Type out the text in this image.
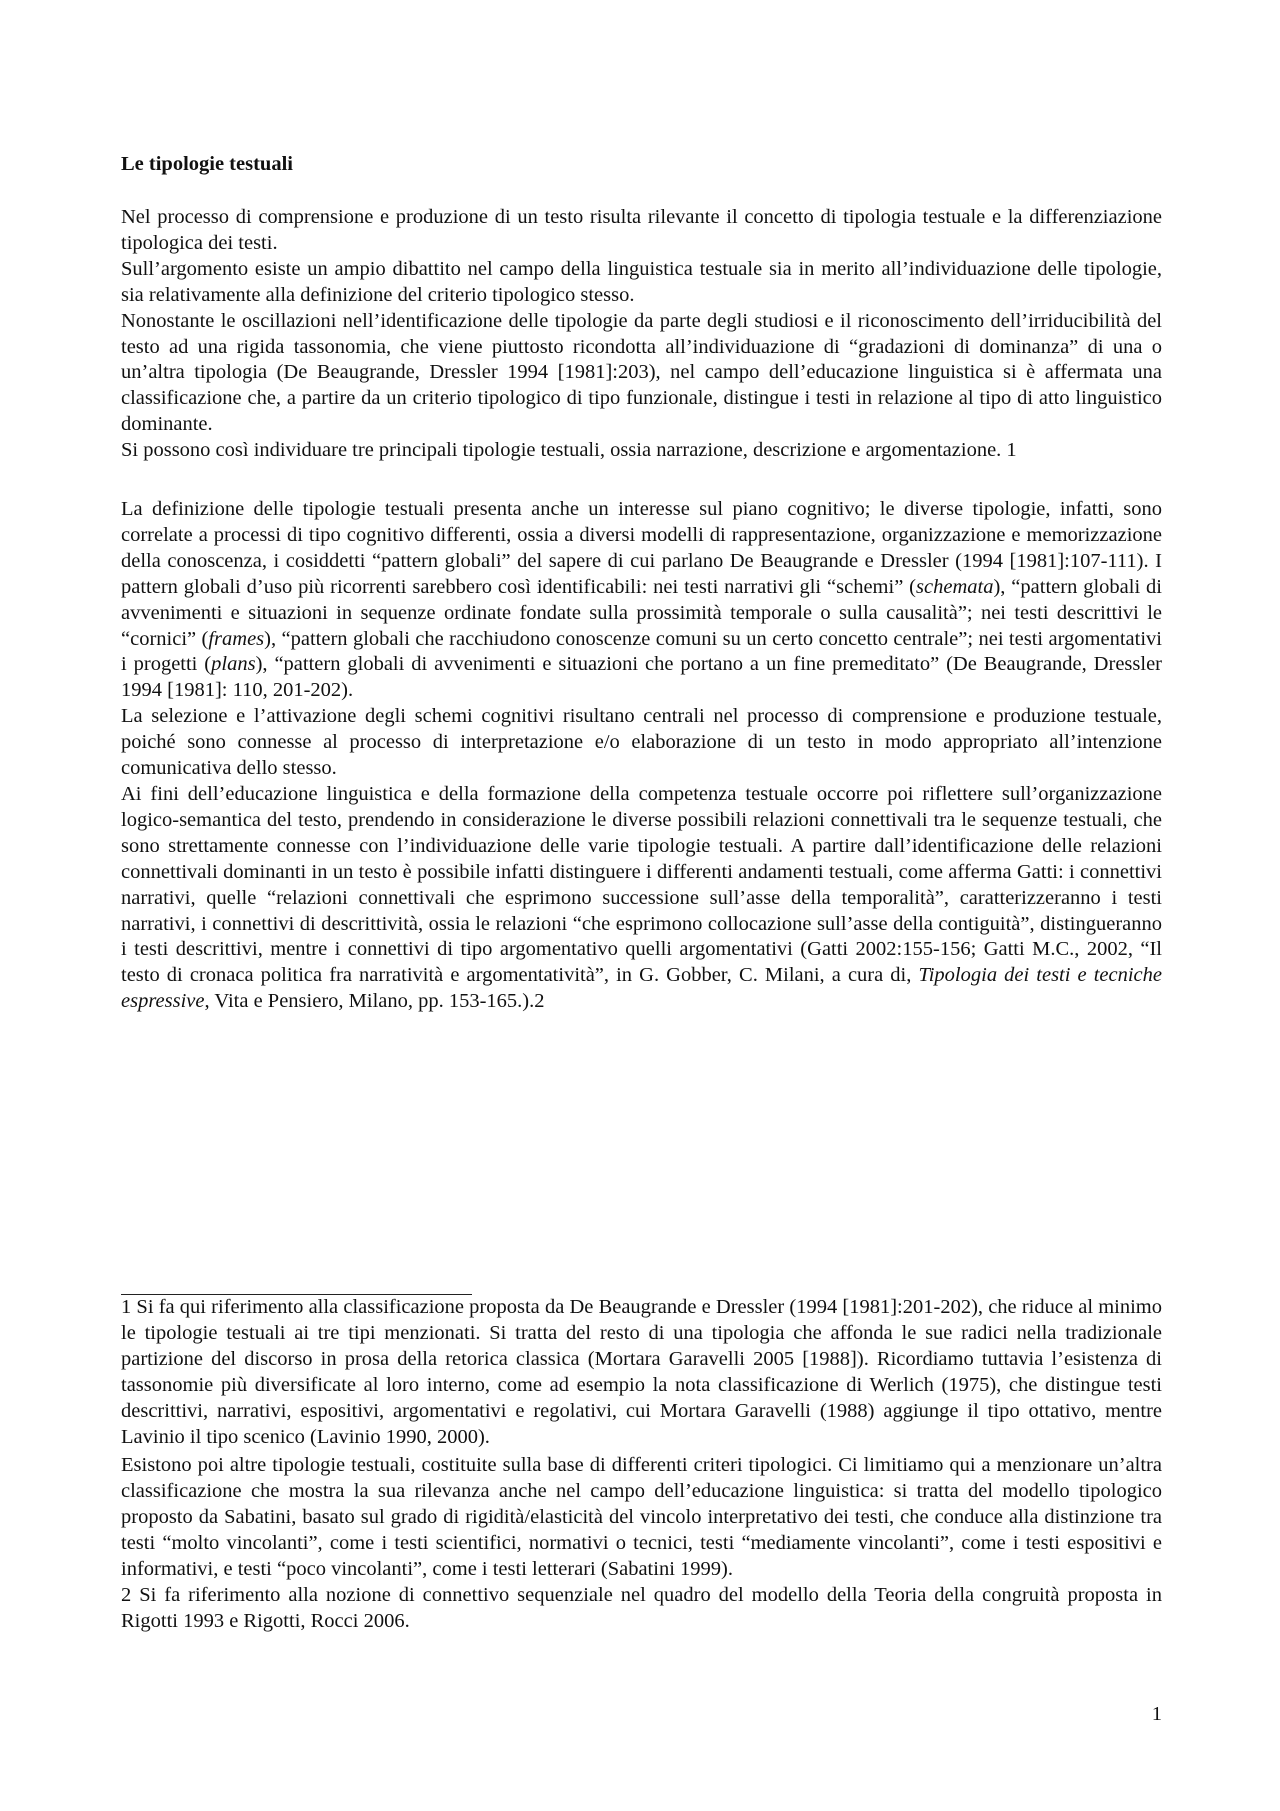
Le tipologie testuali

Nel processo di comprensione e produzione di un testo risulta rilevante il concetto di tipologia testuale e la differenziazione tipologica dei testi.

Sull’argomento esiste un ampio dibattito nel campo della linguistica testuale sia in merito all’individuazione delle tipologie, sia relativamente alla definizione del criterio tipologico stesso.

Nonostante le oscillazioni nell’identificazione delle tipologie da parte degli studiosi e il riconoscimento dell’irriducibilità del testo ad una rigida tassonomia, che viene piuttosto ricondotta all’individuazione di “gradazioni di dominanza” di una o un’altra tipologia (De Beaugrande, Dressler 1994 [1981]:203), nel campo dell’educazione linguistica si è affermata una classificazione che, a partire da un criterio tipologico di tipo funzionale, distingue i testi in relazione al tipo di atto linguistico dominante.

Si possono così individuare tre principali tipologie testuali, ossia narrazione, descrizione e argomentazione. 1

La definizione delle tipologie testuali presenta anche un interesse sul piano cognitivo; le diverse tipologie, infatti, sono correlate a processi di tipo cognitivo differenti, ossia a diversi modelli di rappresentazione, organizzazione e memorizzazione della conoscenza, i cosiddetti “pattern globali” del sapere di cui parlano De Beaugrande e Dressler (1994 [1981]:107-111). I pattern globali d’uso più ricorrenti sarebbero così identificabili: nei testi narrativi gli “schemi” (schemata), “pattern globali di avvenimenti e situazioni in sequenze ordinate fondate sulla prossimità temporale o sulla causalità”; nei testi descrittivi le “cornici” (frames), “pattern globali che racchiudono conoscenze comuni su un certo concetto centrale”; nei testi argomentativi i progetti (plans), “pattern globali di avvenimenti e situazioni che portano a un fine premeditato” (De Beaugrande, Dressler 1994 [1981]: 110, 201-202).

La selezione e l’attivazione degli schemi cognitivi risultano centrali nel processo di comprensione e produzione testuale, poiché sono connesse al processo di interpretazione e/o elaborazione di un testo in modo appropriato all’intenzione comunicativa dello stesso.

Ai fini dell’educazione linguistica e della formazione della competenza testuale occorre poi riflettere sull’organizzazione logico-semantica del testo, prendendo in considerazione le diverse possibili relazioni connettivali tra le sequenze testuali, che sono strettamente connesse con l’individuazione delle varie tipologie testuali. A partire dall’identificazione delle relazioni connettivali dominanti in un testo è possibile infatti distinguere i differenti andamenti testuali, come afferma Gatti: i connettivi narrativi, quelle “relazioni connettivali che esprimono successione sull’asse della temporalità”, caratterizzeranno i testi narrativi, i connettivi di descrittività, ossia le relazioni “che esprimono collocazione sull’asse della contiguità”, distingueranno i testi descrittivi, mentre i connettivi di tipo argomentativo quelli argomentativi (Gatti 2002:155-156; Gatti M.C., 2002, “Il testo di cronaca politica fra narratività e argomentatività”, in G. Gobber, C. Milani, a cura di, Tipologia dei testi e tecniche espressive, Vita e Pensiero, Milano, pp. 153-165.).2

1 Si fa qui riferimento alla classificazione proposta da De Beaugrande e Dressler (1994 [1981]:201-202), che riduce al minimo le tipologie testuali ai tre tipi menzionati. Si tratta del resto di una tipologia che affonda le sue radici nella tradizionale partizione del discorso in prosa della retorica classica (Mortara Garavelli 2005 [1988]). Ricordiamo tuttavia l’esistenza di tassonomie più diversificate al loro interno, come ad esempio la nota classificazione di Werlich (1975), che distingue testi descrittivi, narrativi, espositivi, argomentativi e regolativi, cui Mortara Garavelli (1988) aggiunge il tipo ottativo, mentre Lavinio il tipo scenico (Lavinio 1990, 2000).

Esistono poi altre tipologie testuali, costituite sulla base di differenti criteri tipologici. Ci limitiamo qui a menzionare un’altra classificazione che mostra la sua rilevanza anche nel campo dell’educazione linguistica: si tratta del modello tipologico proposto da Sabatini, basato sul grado di rigidità/elasticità del vincolo interpretativo dei testi, che conduce alla distinzione tra testi “molto vincolanti”, come i testi scientifici, normativi o tecnici, testi “mediamente vincolanti”, come i testi espositivi e informativi, e testi “poco vincolanti”, come i testi letterari (Sabatini 1999).

2 Si fa riferimento alla nozione di connettivo sequenziale nel quadro del modello della Teoria della congruità proposta in Rigotti 1993 e Rigotti, Rocci 2006.

1
